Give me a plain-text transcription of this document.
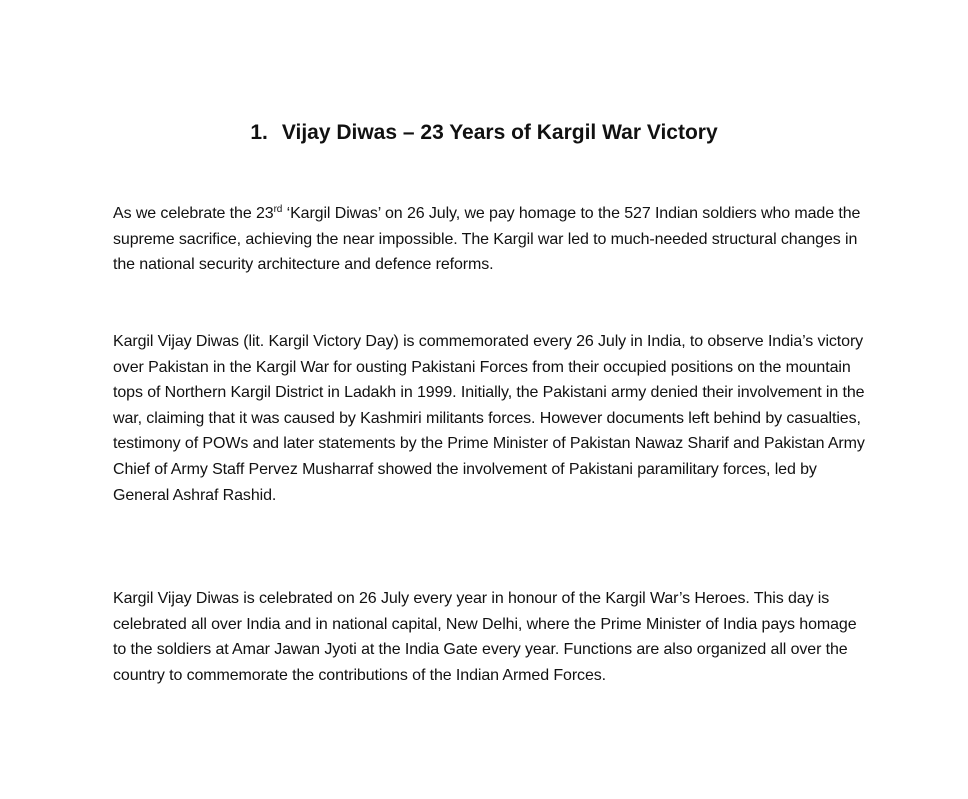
1. Vijay Diwas – 23 Years of Kargil War Victory

As we celebrate the 23rd ‘Kargil Diwas’ on 26 July, we pay homage to the 527 Indian soldiers who made the supreme sacrifice, achieving the near impossible. The Kargil war led to much-needed structural changes in the national security architecture and defence reforms.

Kargil Vijay Diwas (lit. Kargil Victory Day) is commemorated every 26 July in India, to observe India’s victory over Pakistan in the Kargil War for ousting Pakistani Forces from their occupied positions on the mountain tops of Northern Kargil District in Ladakh in 1999. Initially, the Pakistani army denied their involvement in the war, claiming that it was caused by Kashmiri militants forces. However documents left behind by casualties, testimony of POWs and later statements by the Prime Minister of Pakistan Nawaz Sharif and Pakistan Army Chief of Army Staff Pervez Musharraf showed the involvement of Pakistani paramilitary forces, led by General Ashraf Rashid.

Kargil Vijay Diwas is celebrated on 26 July every year in honour of the Kargil War’s Heroes. This day is celebrated all over India and in national capital, New Delhi, where the Prime Minister of India pays homage to the soldiers at Amar Jawan Jyoti at the India Gate every year. Functions are also organized all over the country to commemorate the contributions of the Indian Armed Forces.
